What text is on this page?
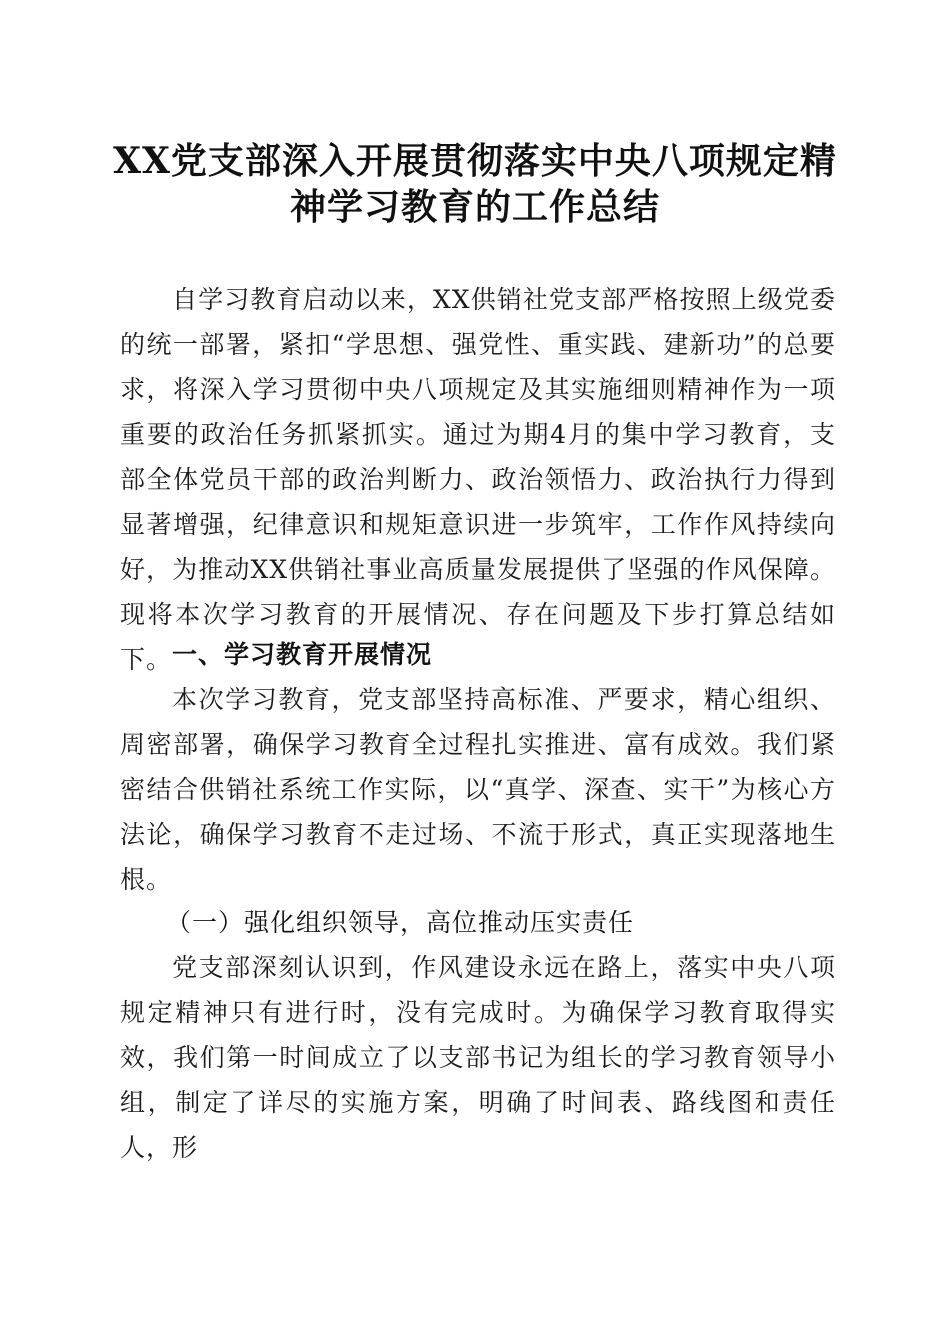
XX党支部深入开展贯彻落实中央八项规定精
神学习教育的工作总结
自学习教育启动以来，XX供销社党支部严格按照上级党委的统一部署，紧扣“学思想、强党性、重实践、建新功”的总要求，将深入学习贯彻中央八项规定及其实施细则精神作为一项重要的政治任务抓紧抓实。通过为期4月的集中学习教育，支部全体党员干部的政治判断力、政治领悟力、政治执行力得到显著增强，纪律意识和规矩意识进一步筑牢，工作作风持续向好，为推动XX供销社事业高质量发展提供了坚强的作风保障。现将本次学习教育的开展情况、存在问题及下步打算总结如下。 一、学习教育开展情况
本次学习教育，党支部坚持高标准、严要求，精心组织、周密部署，确保学习教育全过程扎实推进、富有成效。我们紧密结合供销社系统工作实际，以“真学、深查、实干”为核心方法论，确保学习教育不走过场、不流于形式，真正实现落地生根。
（一）强化组织领导，高位推动压实责任
党支部深刻认识到，作风建设永远在路上，落实中央八项规定精神只有进行时，没有完成时。为确保学习教育取得实效，我们第一时间成立了以支部书记为组长的学习教育领导小组，制定了详尽的实施方案，明确了时间表、路线图和责任人，形
